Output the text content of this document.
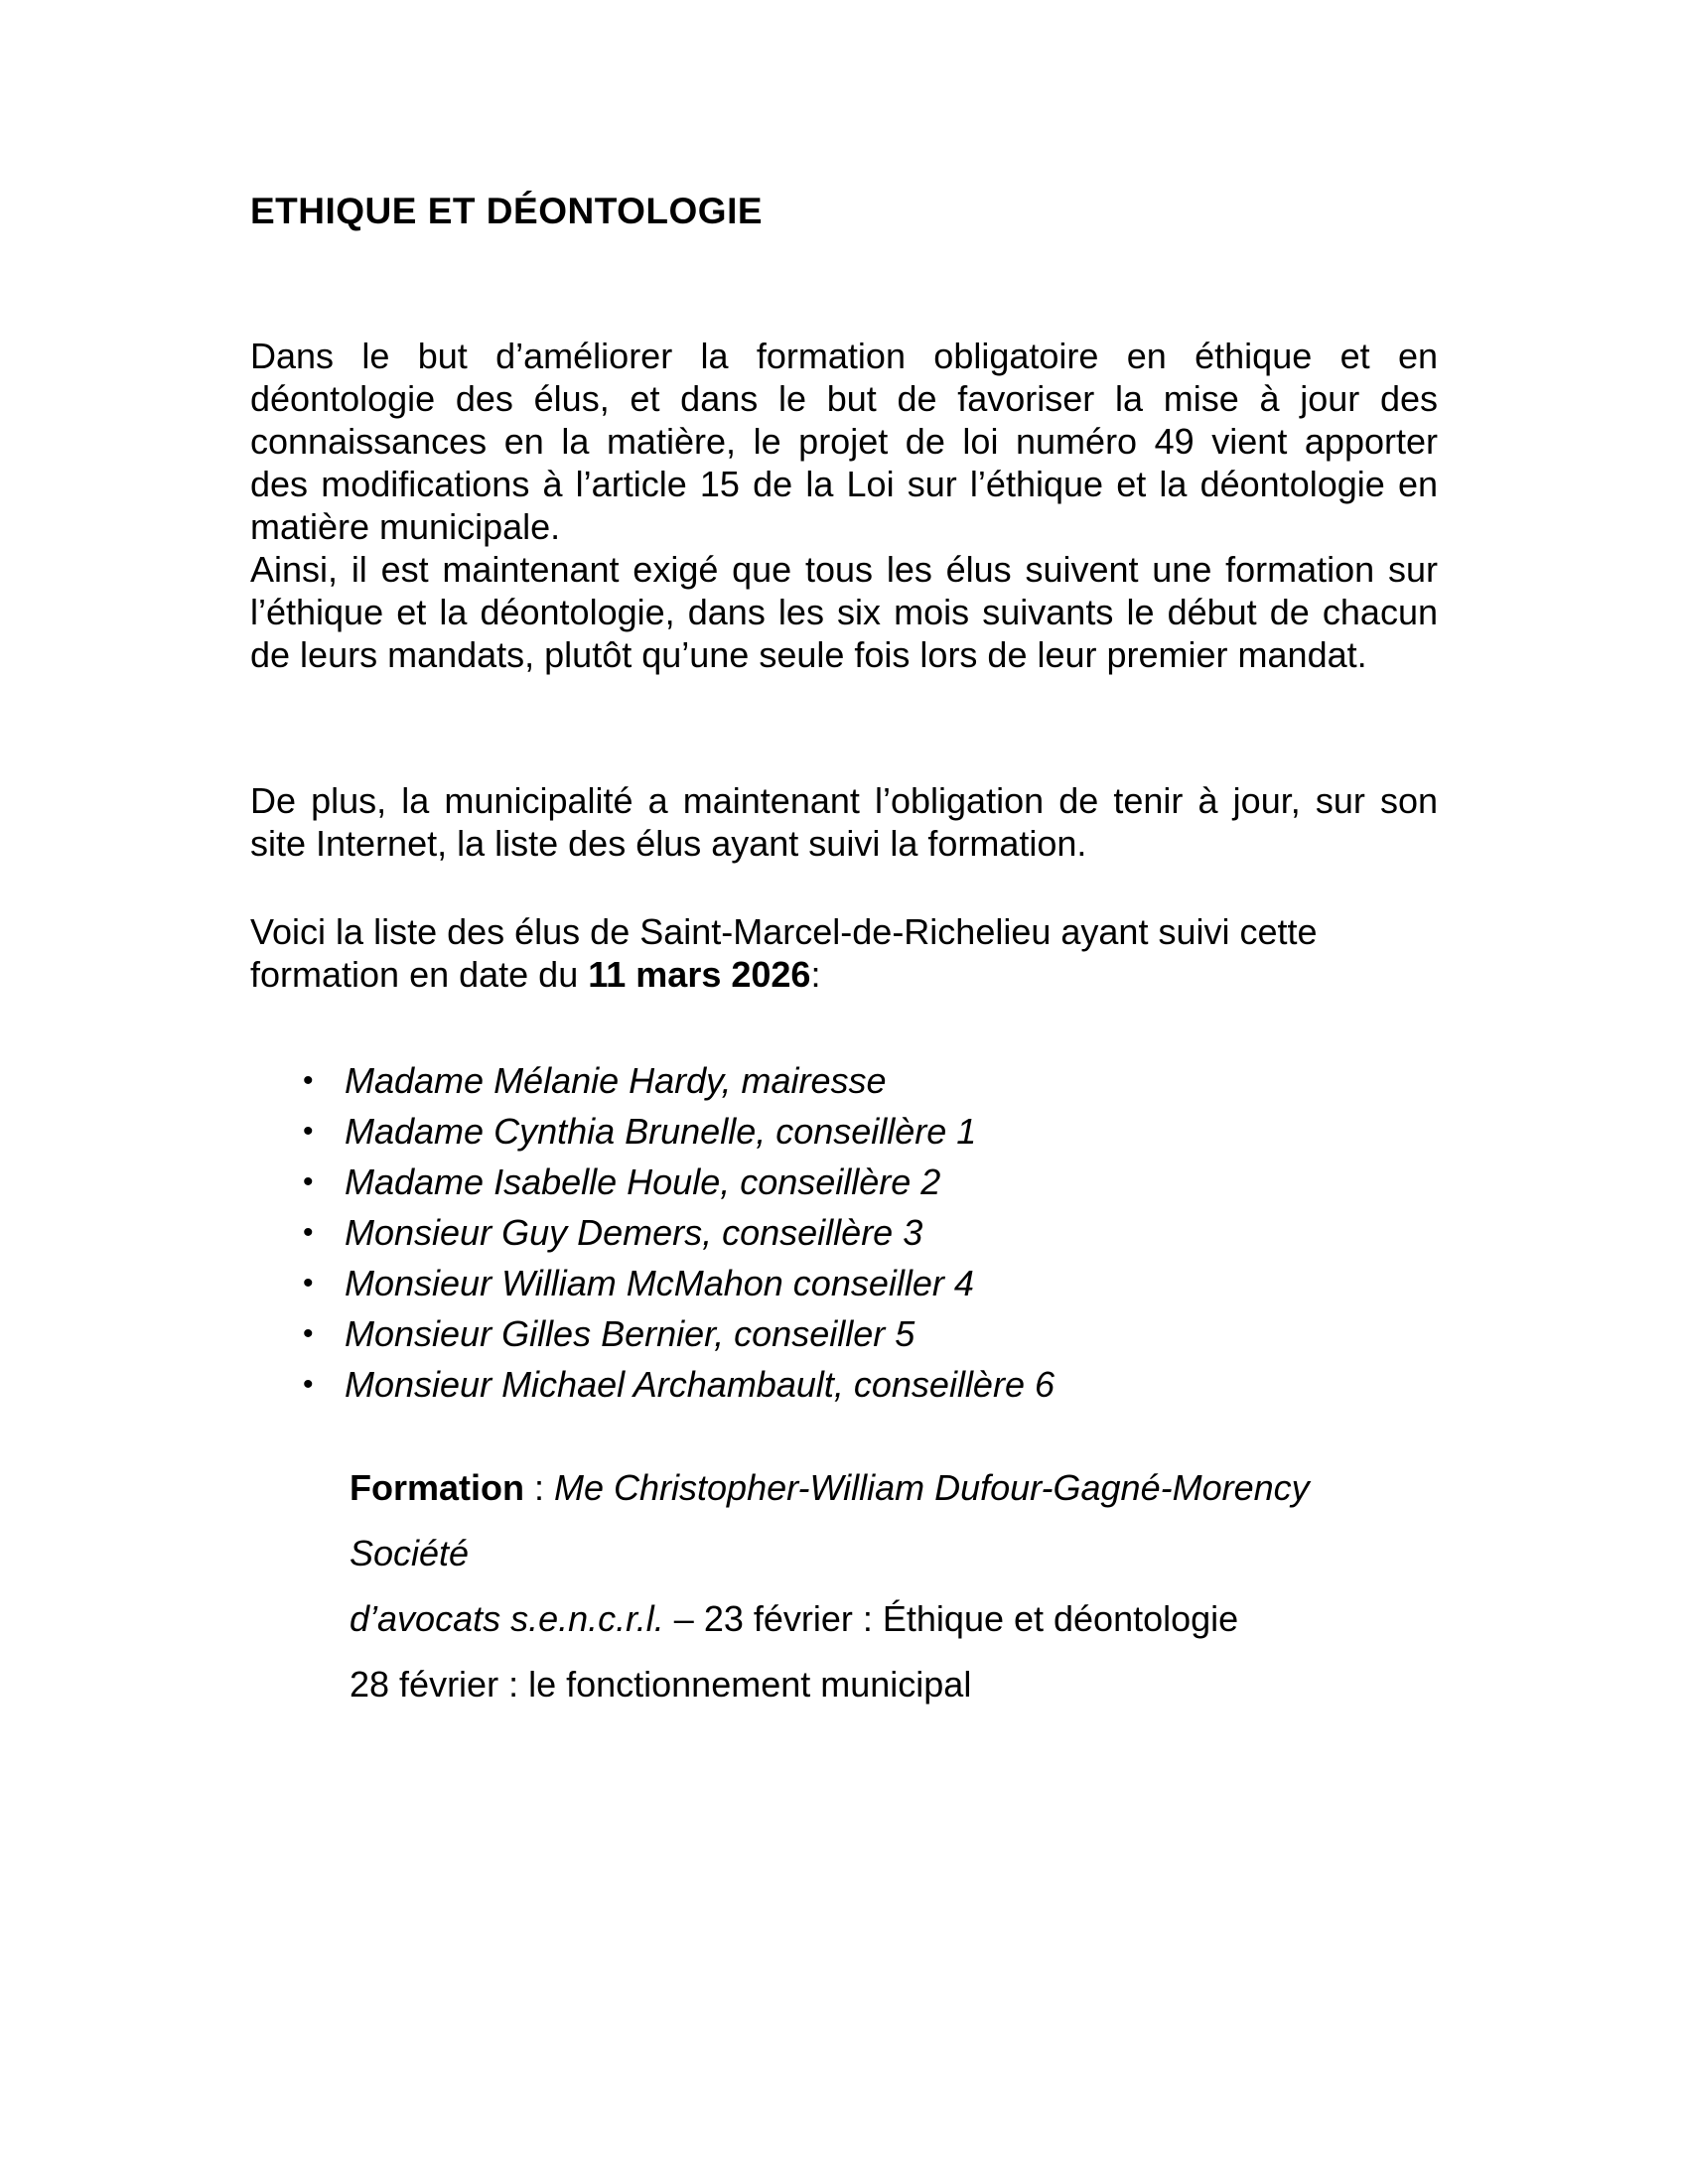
ETHIQUE ET DÉONTOLOGIE
Dans le but d’améliorer la formation obligatoire en éthique et en
déontologie des élus, et dans le but de favoriser la mise à jour des
connaissances en la matière, le projet de loi numéro 49 vient apporter
des modifications à l’article 15 de la Loi sur l’éthique et la déontologie en
matière municipale.
Ainsi, il est maintenant exigé que tous les élus suivent une formation sur
l’éthique et la déontologie, dans les six mois suivants le début de chacun
de leurs mandats, plutôt qu’une seule fois lors de leur premier mandat.
De plus, la municipalité a maintenant l’obligation de tenir à jour, sur son
site Internet, la liste des élus ayant suivi la formation.
Voici la liste des élus de Saint-Marcel-de-Richelieu ayant suivi cette
formation en date du 11 mars 2026:
• Madame Mélanie Hardy, mairesse
• Madame Cynthia Brunelle, conseillère 1
• Madame Isabelle Houle, conseillère 2
• Monsieur Guy Demers, conseillère 3
• Monsieur William McMahon conseiller 4
• Monsieur Gilles Bernier, conseiller 5
• Monsieur Michael Archambault, conseillère 6
Formation : Me Christopher-William Dufour-Gagné-Morency Société
d’avocats s.e.n.c.r.l. – 23 février : Éthique et déontologie
28 février : le fonctionnement municipal
